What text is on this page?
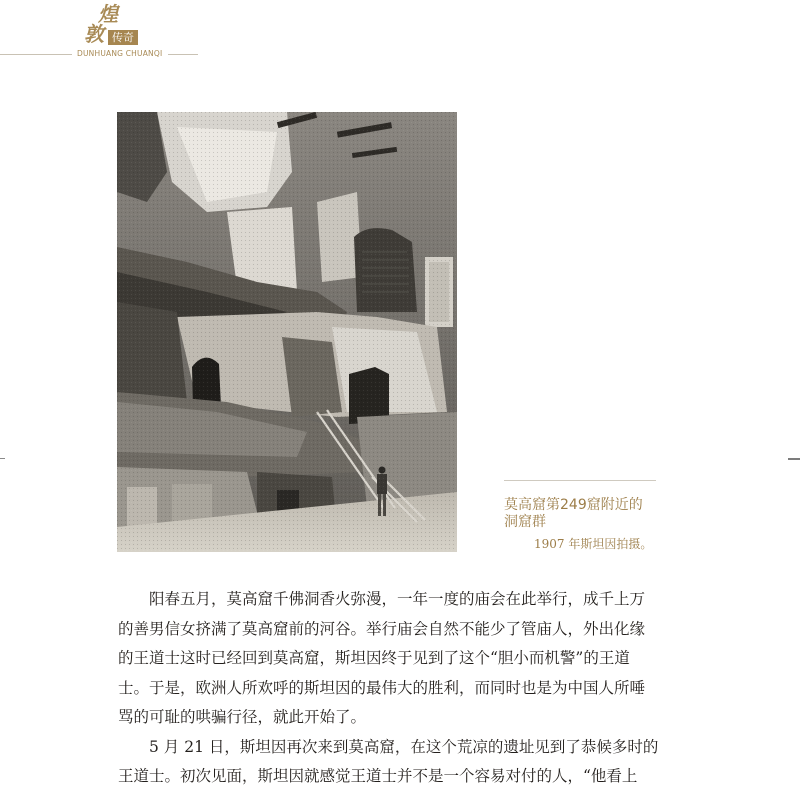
煌
敦 传奇
DUNHUANG CHUANQI
莫高窟第249窟附近的
洞窟群
1907 年斯坦因拍摄。
阳春五月，莫高窟千佛洞香火弥漫，一年一度的庙会在此举行，成千上万
的善男信女挤满了莫高窟前的河谷。举行庙会自然不能少了管庙人，外出化缘
的王道士这时已经回到莫高窟，斯坦因终于见到了这个“胆小而机警”的王道
士。于是，欧洲人所欢呼的斯坦因的最伟大的胜利，而同时也是为中国人所唾
骂的可耻的哄骗行径，就此开始了。
5 月 21 日，斯坦因再次来到莫高窟，在这个荒凉的遗址见到了恭候多时的
王道士。初次见面，斯坦因就感觉王道士并不是一个容易对付的人，“他看上
